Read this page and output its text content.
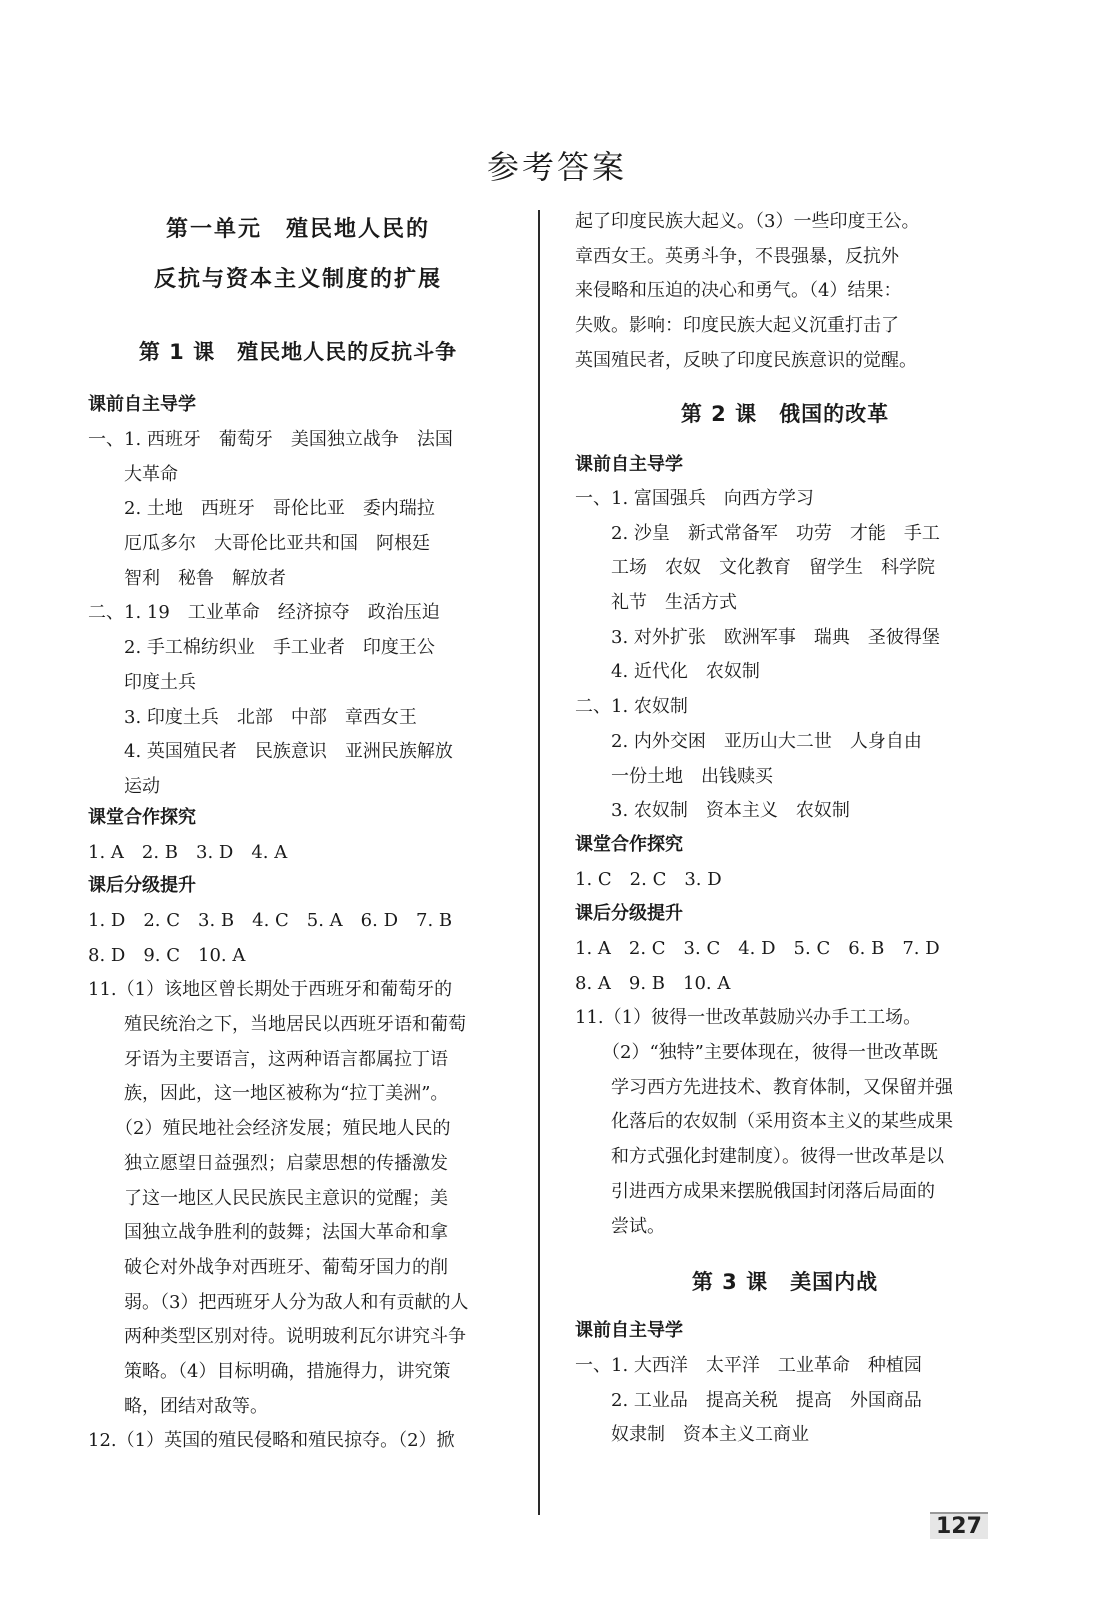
参考答案
第一单元　殖民地人民的
反抗与资本主义制度的扩展
第 1 课　殖民地人民的反抗斗争
课前自主导学
一、1. 西班牙　葡萄牙　美国独立战争　法国
　　大革命
　　2. 土地　西班牙　哥伦比亚　委内瑞拉
　　厄瓜多尔　大哥伦比亚共和国　阿根廷
　　智利　秘鲁　解放者
二、1. 19　工业革命　经济掠夺　政治压迫
　　2. 手工棉纺织业　手工业者　印度王公
　　印度土兵
　　3. 印度土兵　北部　中部　章西女王
　　4. 英国殖民者　民族意识　亚洲民族解放
　　运动
课堂合作探究
1. A　2. B　3. D　4. A
课后分级提升
1. D　2. C　3. B　4. C　5. A　6. D　7. B
8. D　9. C　10. A
11.（1）该地区曾长期处于西班牙和葡萄牙的
　　殖民统治之下，当地居民以西班牙语和葡萄
　　牙语为主要语言，这两种语言都属拉丁语
　　族，因此，这一地区被称为“拉丁美洲”。
　　（2）殖民地社会经济发展；殖民地人民的
　　独立愿望日益强烈；启蒙思想的传播激发
　　了这一地区人民民族民主意识的觉醒；美
　　国独立战争胜利的鼓舞；法国大革命和拿
　　破仑对外战争对西班牙、葡萄牙国力的削
　　弱。（3）把西班牙人分为敌人和有贡献的人
　　两种类型区别对待。说明玻利瓦尔讲究斗争
　　策略。（4）目标明确，措施得力，讲究策
　　略，团结对敌等。
12.（1）英国的殖民侵略和殖民掠夺。（2）掀
起了印度民族大起义。（3）一些印度王公。
章西女王。英勇斗争，不畏强暴，反抗外
来侵略和压迫的决心和勇气。（4）结果：
失败。影响：印度民族大起义沉重打击了
英国殖民者，反映了印度民族意识的觉醒。
第 2 课　俄国的改革
课前自主导学
一、1. 富国强兵　向西方学习
　　2. 沙皇　新式常备军　功劳　才能　手工
　　工场　农奴　文化教育　留学生　科学院
　　礼节　生活方式
　　3. 对外扩张　欧洲军事　瑞典　圣彼得堡
　　4. 近代化　农奴制
二、1. 农奴制
　　2. 内外交困　亚历山大二世　人身自由
　　一份土地　出钱赎买
　　3. 农奴制　资本主义　农奴制
课堂合作探究
1. C　2. C　3. D
课后分级提升
1. A　2. C　3. C　4. D　5. C　6. B　7. D
8. A　9. B　10. A
11.（1）彼得一世改革鼓励兴办手工工场。
　　（2）“独特”主要体现在，彼得一世改革既
　　学习西方先进技术、教育体制，又保留并强
　　化落后的农奴制（采用资本主义的某些成果
　　和方式强化封建制度）。彼得一世改革是以
　　引进西方成果来摆脱俄国封闭落后局面的
　　尝试。
第 3 课　美国内战
课前自主导学
一、1. 大西洋　太平洋　工业革命　种植园
　　2. 工业品　提高关税　提高　外国商品
　　奴隶制　资本主义工商业
127
